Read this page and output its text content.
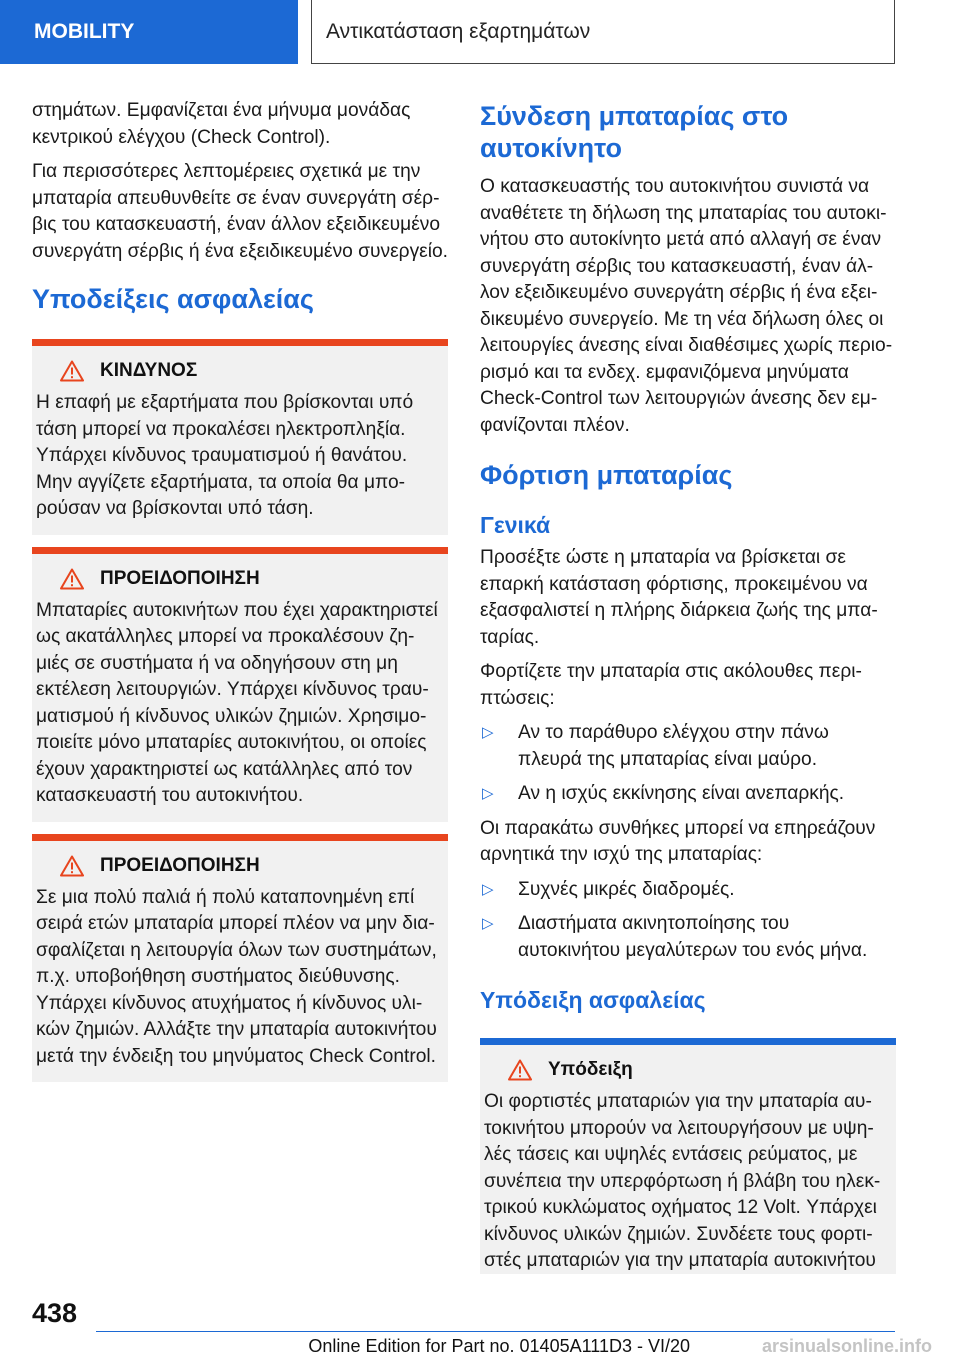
MOBILITY	Αντικατάσταση εξαρτημάτων

στημάτων. Εμφανίζεται ένα μήνυμα μονάδας κεντρικού ελέγχου (Check Control).

Για περισσότερες λεπτομέρειες σχετικά με την μπαταρία απευθυνθείτε σε έναν συνεργάτη σέρβις του κατασκευαστή, έναν άλλον εξειδικευμένο συνεργάτη σέρβις ή ένα εξειδικευμένο συνεργείο.

Υποδείξεις ασφαλείας
ΚΙΝΔΥΝΟΣ

Η επαφή με εξαρτήματα που βρίσκονται υπό τάση μπορεί να προκαλέσει ηλεκτροπληξία. Υπάρχει κίνδυνος τραυματισμού ή θανάτου. Μην αγγίζετε εξαρτήματα, τα οποία θα μπορούσαν να βρίσκονται υπό τάση.

ΠΡΟΕΙΔΟΠΟΙΗΣΗ

Μπαταρίες αυτοκινήτων που έχει χαρακτηριστεί ως ακατάλληλες μπορεί να προκαλέσουν ζημιές σε συστήματα ή να οδηγήσουν στη μη εκτέλεση λειτουργιών. Υπάρχει κίνδυνος τραυματισμού ή κίνδυνος υλικών ζημιών. Χρησιμοποιείτε μόνο μπαταρίες αυτοκινήτου, οι οποίες έχουν χαρακτηριστεί ως κατάλληλες από τον κατασκευαστή του αυτοκινήτου.

ΠΡΟΕΙΔΟΠΟΙΗΣΗ

Σε μια πολύ παλιά ή πολύ καταπονημένη επί σειρά ετών μπαταρία μπορεί πλέον να μην διασφαλίζεται η λειτουργία όλων των συστημάτων, π.χ. υποβοήθηση συστήματος διεύθυνσης. Υπάρχει κίνδυνος ατυχήματος ή κίνδυνος υλικών ζημιών. Αλλάξτε την μπαταρία αυτοκινήτου μετά την ένδειξη του μηνύματος Check Control.

Σύνδεση μπαταρίας στο αυτοκίνητο

Ο κατασκευαστής του αυτοκινήτου συνιστά να αναθέτετε τη δήλωση της μπαταρίας του αυτοκινήτου στο αυτοκίνητο μετά από αλλαγή σε έναν συνεργάτη σέρβις του κατασκευαστή, έναν άλλον εξειδικευμένο συνεργάτη σέρβις ή ένα εξειδικευμένο συνεργείο. Με τη νέα δήλωση όλες οι λειτουργίες άνεσης είναι διαθέσιμες χωρίς περιορισμό και τα ενδεχ. εμφανιζόμενα μηνύματα Check-Control των λειτουργιών άνεσης δεν εμφανίζονται πλέον.

Φόρτιση μπαταρίας
Γενικά

Προσέξτε ώστε η μπαταρία να βρίσκεται σε επαρκή κατάσταση φόρτισης, προκειμένου να εξασφαλιστεί η πλήρης διάρκεια ζωής της μπαταρίας.

Φορτίζετε την μπαταρία στις ακόλουθες περιπτώσεις:

▷	Αν το παράθυρο ελέγχου στην πάνω πλευρά της μπαταρίας είναι μαύρο.
▷	Αν η ισχύς εκκίνησης είναι ανεπαρκής.

Οι παρακάτω συνθήκες μπορεί να επηρεάζουν αρνητικά την ισχύ της μπαταρίας:

▷	Συχνές μικρές διαδρομές.
▷	Διαστήματα ακινητοποίησης του αυτοκινήτου μεγαλύτερων του ενός μήνα.
Υπόδειξη ασφαλείας
Υπόδειξη

Οι φορτιστές μπαταριών για την μπαταρία αυτοκινήτου μπορούν να λειτουργήσουν με υψηλές τάσεις και υψηλές εντάσεις ρεύματος, με συνέπεια την υπερφόρτωση ή βλάβη του ηλεκτρικού κυκλώματος οχήματος 12 Volt. Υπάρχει κίνδυνος υλικών ζημιών. Συνδέετε τους φορτιστές μπαταριών για την μπαταρία αυτοκινήτου

438
Online Edition for Part no. 01405A111D3 - VI/20	arsinualsonline.info
